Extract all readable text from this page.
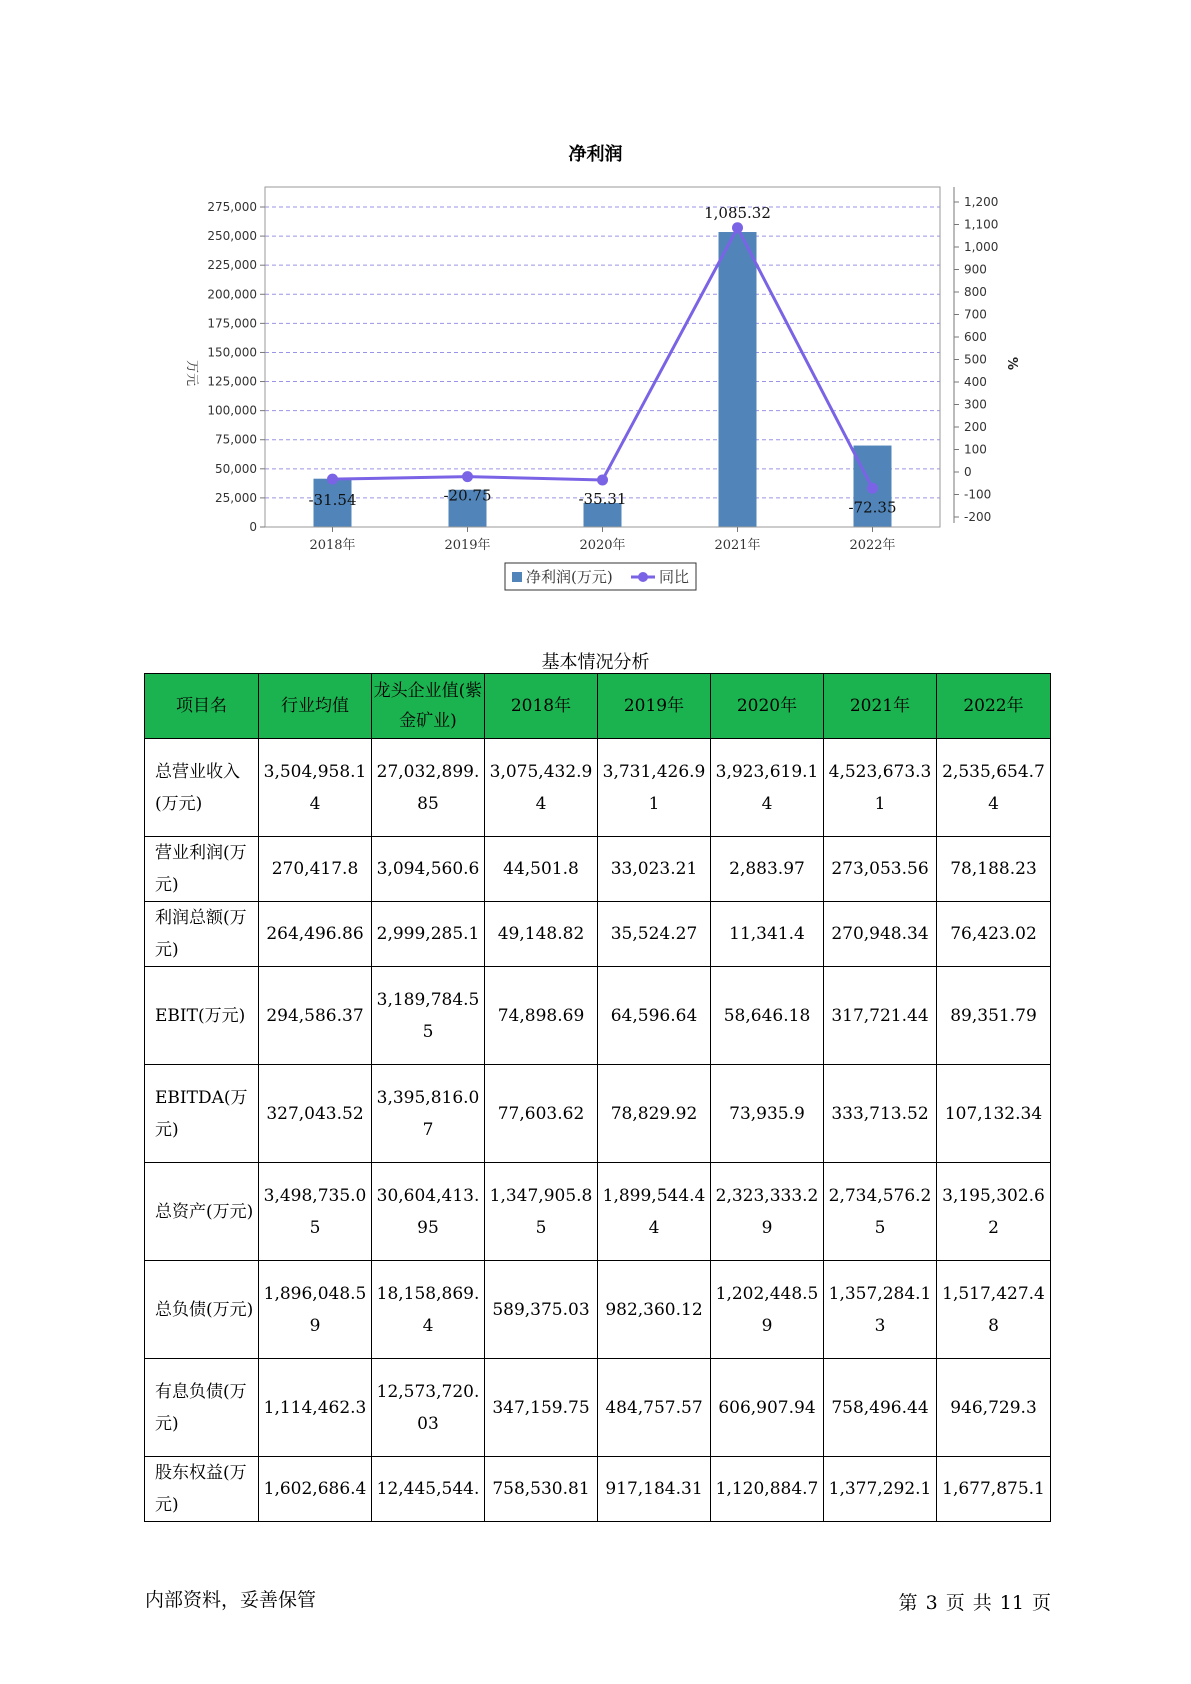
净利润
0
25,000
50,000
75,000
100,000
125,000
150,000
175,000
200,000
225,000
250,000
275,000
-200
-100
0
100
200
300
400
500
600
700
800
900
1,000
1,100
1,200
万元	%
2018年	2019年	2020年	2021年	2022年
-31.54	-20.75	-35.31
1,085.32
-72.35
净利润(万元)	同比
基本情况分析
项目名	行业均值	龙头企业值(紫金矿业)	2018年	2019年	2020年	2021年	2022年
总营业收入(万元)	3,504,958.14	27,032,899.85	3,075,432.94	3,731,426.91	3,923,619.14	4,523,673.31	2,535,654.74
营业利润(万元)	270,417.8	3,094,560.6	44,501.8	33,023.21	2,883.97	273,053.56	78,188.23
利润总额(万元)	264,496.86	2,999,285.1	49,148.82	35,524.27	11,341.4	270,948.34	76,423.02
EBIT(万元)	294,586.37	3,189,784.55	74,898.69	64,596.64	58,646.18	317,721.44	89,351.79
EBITDA(万元)	327,043.52	3,395,816.07	77,603.62	78,829.92	73,935.9	333,713.52	107,132.34
总资产(万元)	3,498,735.05	30,604,413.95	1,347,905.85	1,899,544.44	2,323,333.29	2,734,576.25	3,195,302.62
总负债(万元)	1,896,048.59	18,158,869.4	589,375.03	982,360.12	1,202,448.59	1,357,284.13	1,517,427.48
有息负债(万元)	1,114,462.3	12,573,720.03	347,159.75	484,757.57	606,907.94	758,496.44	946,729.3
股东权益(万元)	1,602,686.4	12,445,544.	758,530.81	917,184.31	1,120,884.7	1,377,292.1	1,677,875.1
内部资料，妥善保管	第 3 页 共 11 页
